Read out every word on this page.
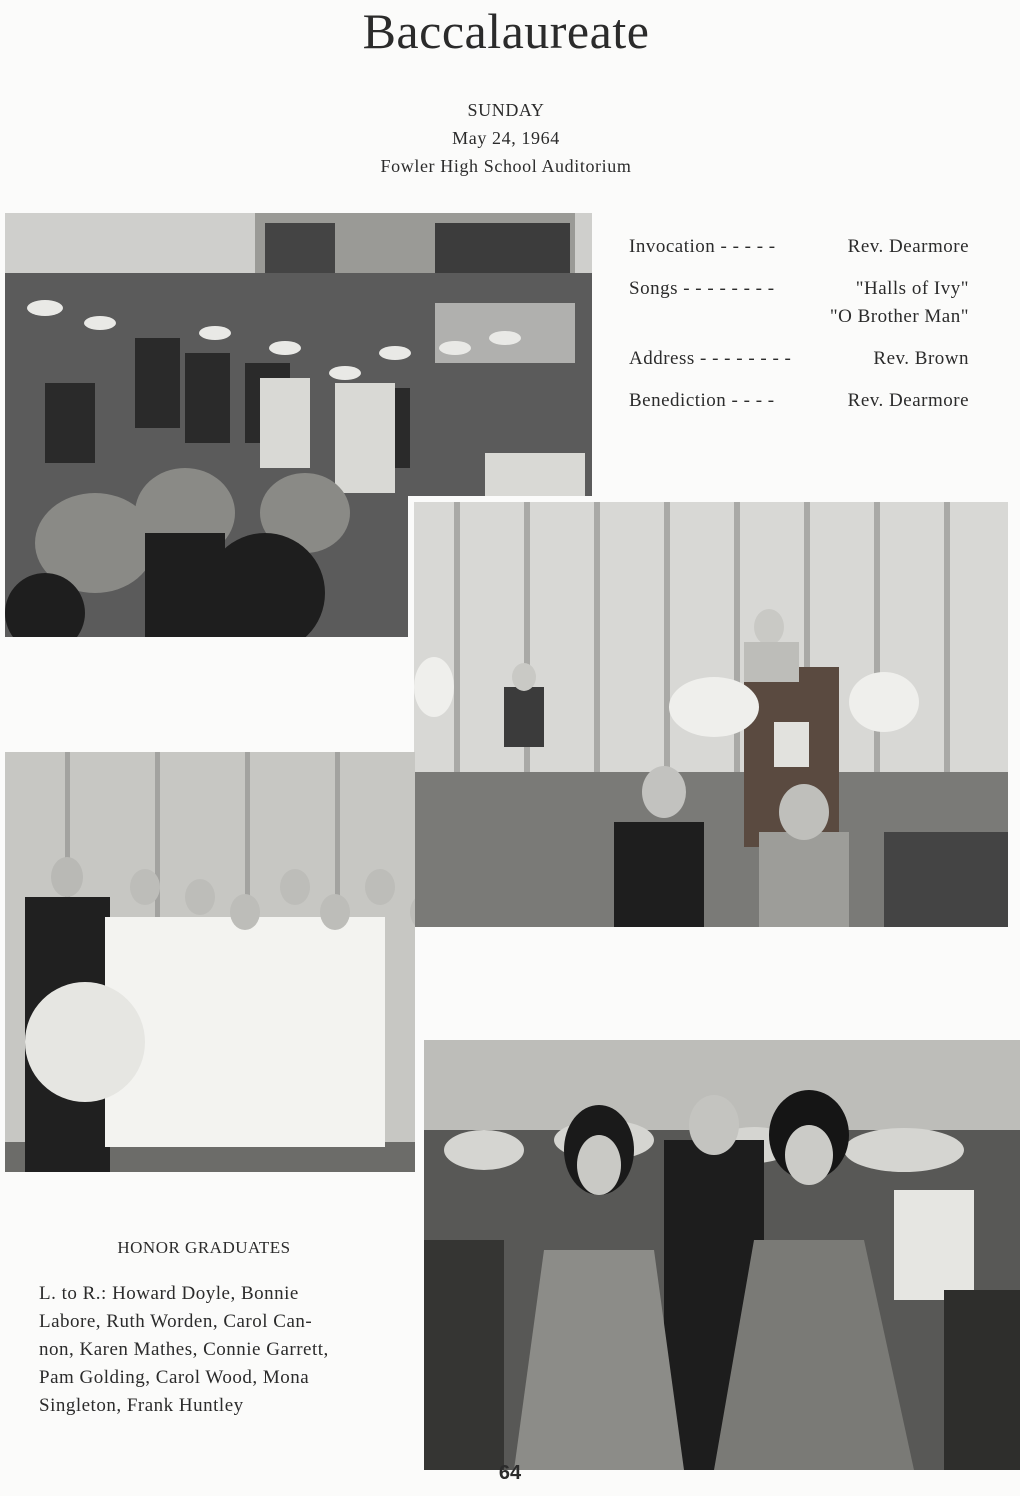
Baccalaureate
SUNDAY
May 24, 1964
Fowler High School Auditorium
Invocation - - - - -	Rev. Dearmore
Songs - - - - - - - -	"Halls of Ivy"
"O Brother Man"
Address - - - - - - - -	Rev. Brown
Benediction - - - -	Rev. Dearmore
HONOR GRADUATES
L. to R.: Howard Doyle, Bonnie
Labore, Ruth Worden, Carol Can-
non, Karen Mathes, Connie Garrett,
Pam Golding, Carol Wood, Mona
Singleton, Frank Huntley
64
